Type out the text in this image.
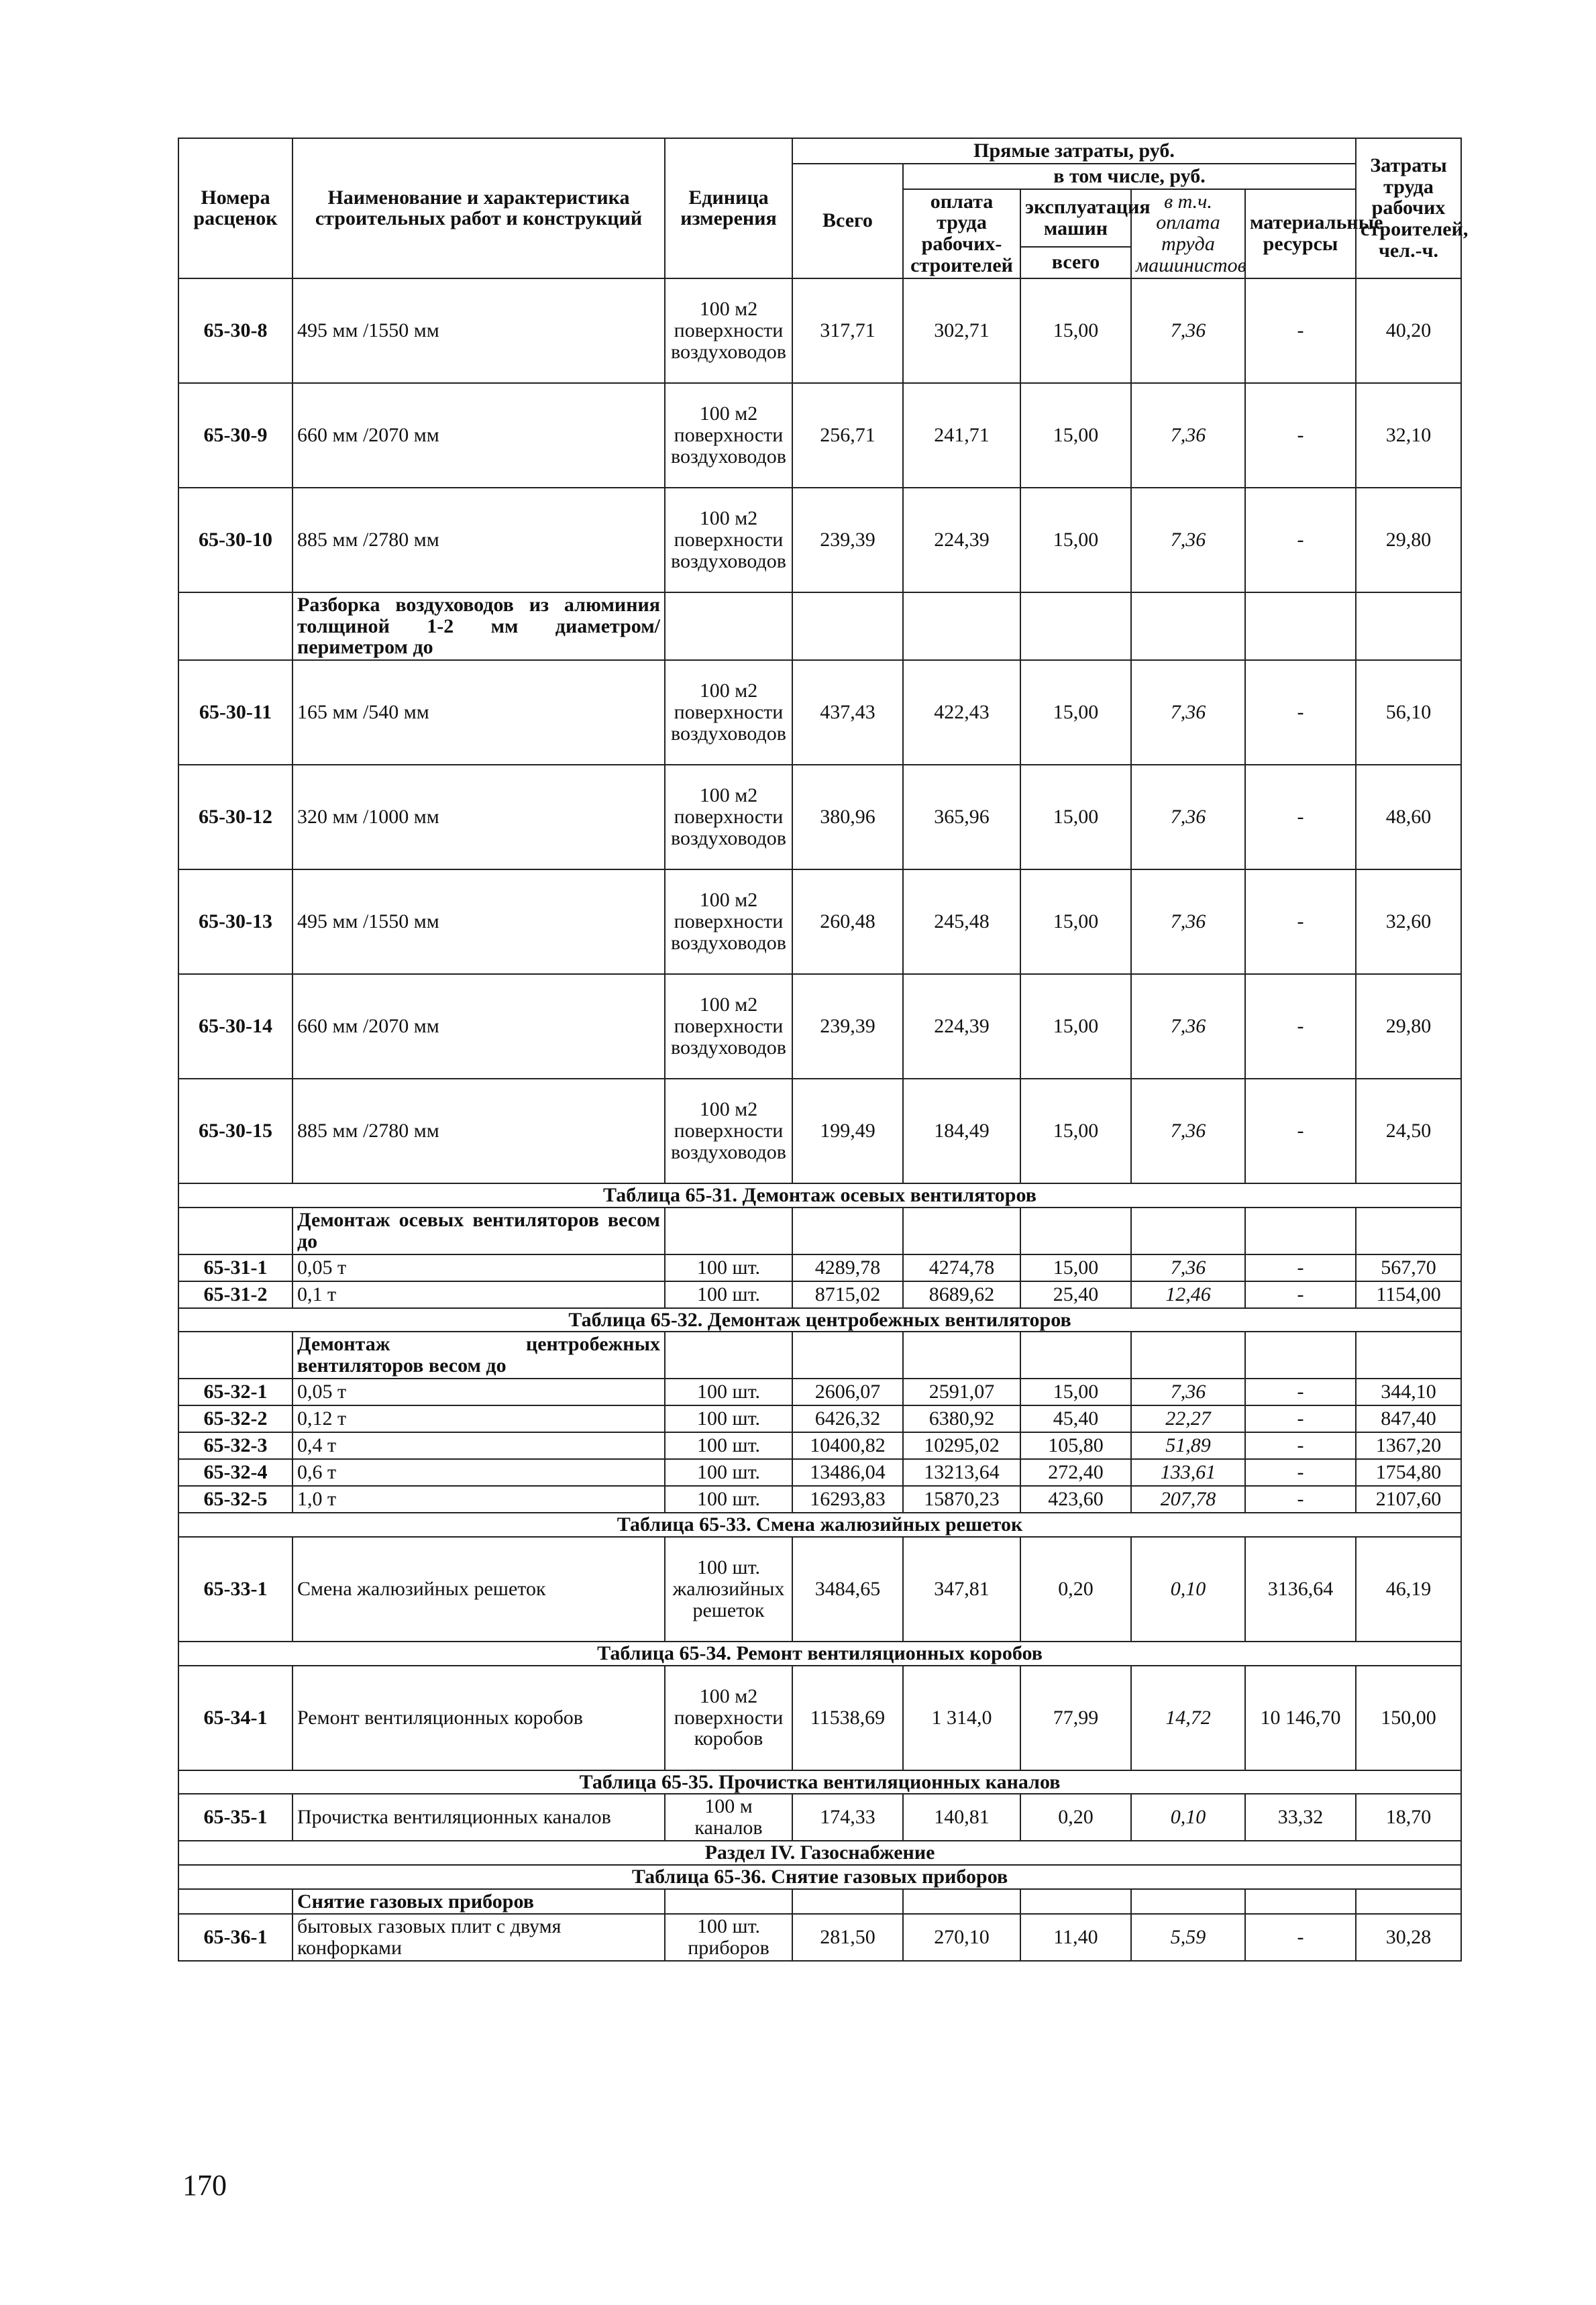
Номера расценок	Наименование и характеристика строительных работ и конструкций	Единица измерения	Прямые затраты, руб.					Затраты труда рабочих строителей, чел.-ч.
			Всего	в том числе, руб.				
				оплата труда рабочих-строителей	эксплуатация машин	в т.ч. оплата труда машинистов	материальные ресурсы	
					всего			
65-30-8	495 мм /1550 мм	100 м2 поверхности воздуховодов	317,71	302,71	15,00	7,36	-	40,20
65-30-9	660 мм /2070 мм	100 м2 поверхности воздуховодов	256,71	241,71	15,00	7,36	-	32,10
65-30-10	885 мм /2780 мм	100 м2 поверхности воздуховодов	239,39	224,39	15,00	7,36	-	29,80
	Разборка воздуховодов из алюминия толщиной 1-2 мм диаметром/периметром до							
65-30-11	165 мм /540 мм	100 м2 поверхности воздуховодов	437,43	422,43	15,00	7,36	-	56,10
65-30-12	320 мм /1000 мм	100 м2 поверхности воздуховодов	380,96	365,96	15,00	7,36	-	48,60
65-30-13	495 мм /1550 мм	100 м2 поверхности воздуховодов	260,48	245,48	15,00	7,36	-	32,60
65-30-14	660 мм /2070 мм	100 м2 поверхности воздуховодов	239,39	224,39	15,00	7,36	-	29,80
65-30-15	885 мм /2780 мм	100 м2 поверхности воздуховодов	199,49	184,49	15,00	7,36	-	24,50
Таблица 65-31. Демонтаж осевых вентиляторов								
	Демонтаж осевых вентиляторов весом до							
65-31-1	0,05 т	100 шт.	4289,78	4274,78	15,00	7,36	-	567,70
65-31-2	0,1 т	100 шт.	8715,02	8689,62	25,40	12,46	-	1154,00
Таблица 65-32. Демонтаж центробежных вентиляторов								
	Демонтаж центробежных вентиляторов весом до							
65-32-1	0,05 т	100 шт.	2606,07	2591,07	15,00	7,36	-	344,10
65-32-2	0,12 т	100 шт.	6426,32	6380,92	45,40	22,27	-	847,40
65-32-3	0,4 т	100 шт.	10400,82	10295,02	105,80	51,89	-	1367,20
65-32-4	0,6 т	100 шт.	13486,04	13213,64	272,40	133,61	-	1754,80
65-32-5	1,0 т	100 шт.	16293,83	15870,23	423,60	207,78	-	2107,60
Таблица 65-33. Смена жалюзийных решеток								
65-33-1	Смена жалюзийных решеток	100 шт. жалюзийных решеток	3484,65	347,81	0,20	0,10	3136,64	46,19
Таблица 65-34. Ремонт вентиляционных коробов								
65-34-1	Ремонт вентиляционных коробов	100 м2 поверхности коробов	11538,69	1 314,0	77,99	14,72	10 146,70	150,00
Таблица 65-35. Прочистка вентиляционных каналов								
65-35-1	Прочистка вентиляционных каналов	100 м каналов	174,33	140,81	0,20	0,10	33,32	18,70
Раздел IV. Газоснабжение								
Таблица 65-36. Снятие газовых приборов								
	Снятие газовых приборов							
65-36-1	бытовых газовых плит с двумя конфорками	100 шт. приборов	281,50	270,10	11,40	5,59	-	30,28
170
